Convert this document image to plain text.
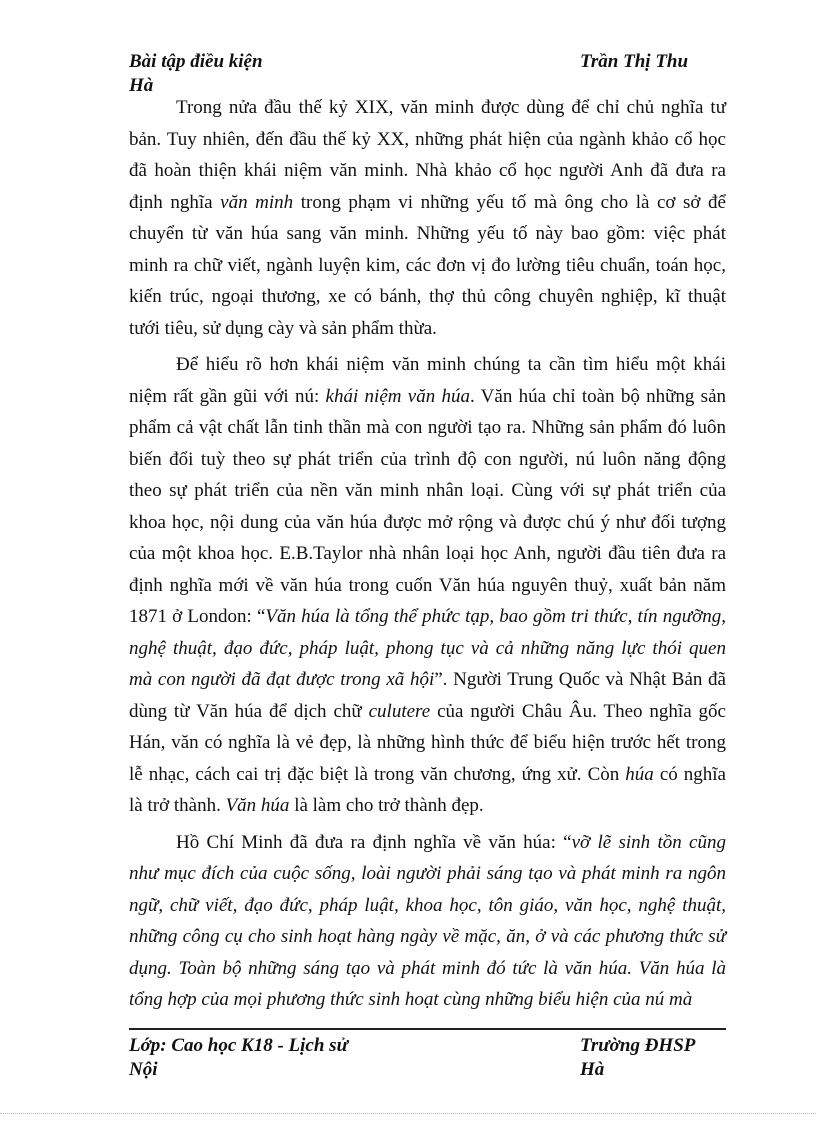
Bài tập điều kiện	Trần Thị Thu
Hà
Trong nửa đầu thế kỷ XIX, văn minh được dùng để chỉ chủ nghĩa tư
bản. Tuy nhiên, đến đầu thế kỷ XX, những phát hiện của ngành khảo cổ học
đã hoàn thiện khái niệm văn minh. Nhà khảo cổ học người Anh đã đưa ra
định nghĩa văn minh trong phạm vi những yếu tố mà ông cho là cơ sở để
chuyển từ văn húa sang văn minh. Những yếu tố này bao gồm: việc phát
minh ra chữ viết, ngành luyện kim, các đơn vị đo lường tiêu chuẩn, toán học,
kiến trúc, ngoại thương, xe có bánh, thợ thủ công chuyên nghiệp, kĩ thuật
tưới tiêu, sử dụng cày và sản phẩm thừa.
Để hiểu rõ hơn khái niệm văn minh chúng ta cần tìm hiểu một khái
niệm rất gần gũi với nú: khái niệm văn húa. Văn húa chỉ toàn bộ những sản
phẩm cả vật chất lẫn tinh thần mà con người tạo ra. Những sản phẩm đó luôn
biến đổi tuỳ theo sự phát triển của trình độ con người, nú luôn năng động
theo sự phát triển của nền văn minh nhân loại. Cùng với sự phát triển của
khoa học, nội dung của văn húa được mở rộng và được chú ý như đối tượng
của một khoa học. E.B.Taylor nhà nhân loại học Anh, người đầu tiên đưa ra
định nghĩa mới về văn húa trong cuốn Văn húa nguyên thuỷ, xuất bản năm
1871 ở London: “Văn húa là tổng thể phức tạp, bao gồm tri thức, tín ngưỡng,
nghệ thuật, đạo đức, pháp luật, phong tục và cả những năng lực thói quen
mà con người đã đạt được trong xã hội”. Người Trung Quốc và Nhật Bản đã
dùng từ Văn húa để dịch chữ culutere của người Châu Âu. Theo nghĩa gốc
Hán, văn có nghĩa là vẻ đẹp, là những hình thức để biểu hiện trước hết trong
lễ nhạc, cách cai trị đặc biệt là trong văn chương, ứng xử. Còn húa có nghĩa
là trở thành. Văn húa là làm cho trở thành đẹp.
Hồ Chí Minh đã đưa ra định nghĩa về văn húa: “vỡ lẽ sinh tồn cũng
như mục đích của cuộc sống, loài người phải sáng tạo và phát minh ra ngôn
ngữ, chữ viết, đạo đức, pháp luật, khoa học, tôn giáo, văn học, nghệ thuật,
những công cụ cho sinh hoạt hàng ngày về mặc, ăn, ở và các phương thức sử
dụng. Toàn bộ những sáng tạo và phát minh đó tức là văn húa. Văn húa là
tổng hợp của mọi phương thức sinh hoạt cùng những biểu hiện của nú mà
Lớp: Cao học K18 - Lịch sử	Trường ĐHSP Hà
Nội
